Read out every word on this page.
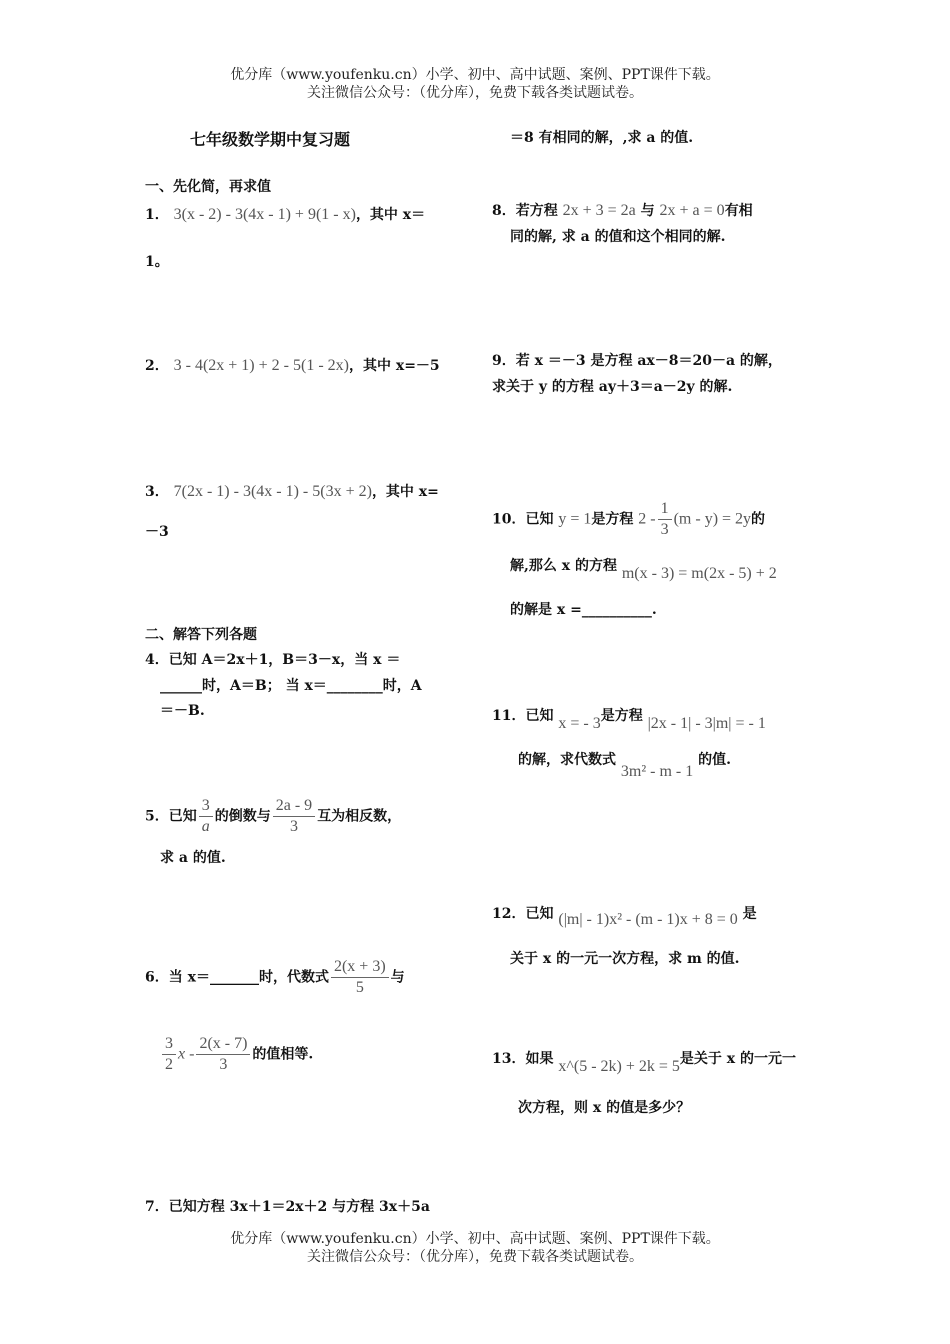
优分库（www.youfenku.cn）小学、初中、高中试题、案例、PPT课件下载。
关注微信公众号：（优分库），免费下载各类试题试卷。
七年级数学期中复习题
一、先化简，再求值
1． 3(x - 2) - 3(4x - 1) + 9(1 - x)，其中 x＝
1。
2． 3 - 4(2x + 1) + 2 - 5(1 - 2x)，其中 x=－5
3． 7(2x - 1) - 3(4x - 1) - 5(3x + 2)，其中 x=
－3
二、解答下列各题
4．已知 A＝2x＋1，B＝3－x，当 x ＝
______时，A＝B； 当 x＝________时，A
＝－B.
5．已知 $\frac{3}{a}$ 的倒数与 $\frac{2a - 9}{3}$ 互为相反数，
求 a 的值.
6．当 x＝_______时，代数式 $\frac{2(x + 3)}{5}$ 与
$\frac{3}{2}$ x - $\frac{2(x - 7)}{3}$ 的值相等.
7．已知方程 3x＋1＝2x＋2 与方程 3x＋5a
＝8 有相同的解，,求 a 的值.
8．若方程 2x + 3 = 2a 与 2x + a = 0有相
同的解, 求 a 的值和这个相同的解.
9．若 x ＝－3 是方程 ax－8＝20－a 的解，
求关于 y 的方程 ay＋3＝a－2y 的解.
10．已知 y = 1是方程 $2 - \frac{1}{3} (m - y) = 2y$的
解,那么 x 的方程 m(x - 3) = m(2x - 5) + 2
的解是 x =__________.
11．已知 x = - 3是方程 |2x - 1| - 3|m| = - 1
的解，求代数式 3m² - m - 1 的值.
12．已知 (|m| - 1)x² - (m - 1)x + 8 = 0 是
关于 x 的一元一次方程，求 m 的值.
13．如果 x^(5 - 2k) + 2k = 5是关于 x 的一元一
次方程，则 x 的值是多少？
优分库（www.youfenku.cn）小学、初中、高中试题、案例、PPT课件下载。
关注微信公众号：（优分库），免费下载各类试题试卷。
